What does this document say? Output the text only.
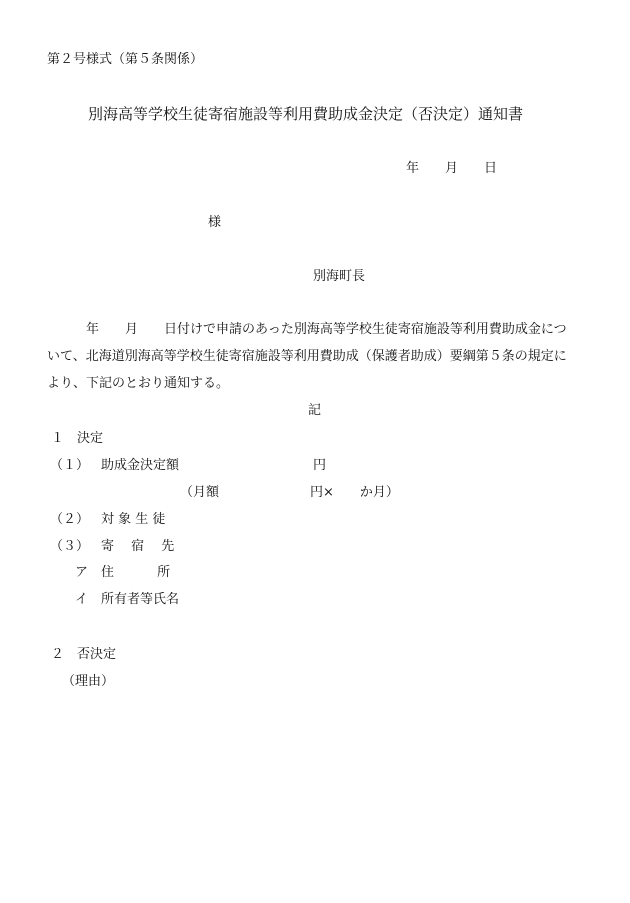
第２号様式（第５条関係）
別海高等学校生徒寄宿施設等利用費助成金決定（否決定）通知書
年　　月　　日
様
別海町長
年　　月　　日付けで申請のあった別海高等学校生徒寄宿施設等利用費助成金につ
いて、北海道別海高等学校生徒寄宿施設等利用費助成（保護者助成）要綱第５条の規定に
より、下記のとおり通知する。
記
１　決定
（１） 助成金決定額	円
（月額　　　　　　　円×　　か月）
（２） 対 象 生 徒
（３） 寄　 宿　 先
ア 住　　　 所
イ 所有者等氏名
２　否決定
（理由）
